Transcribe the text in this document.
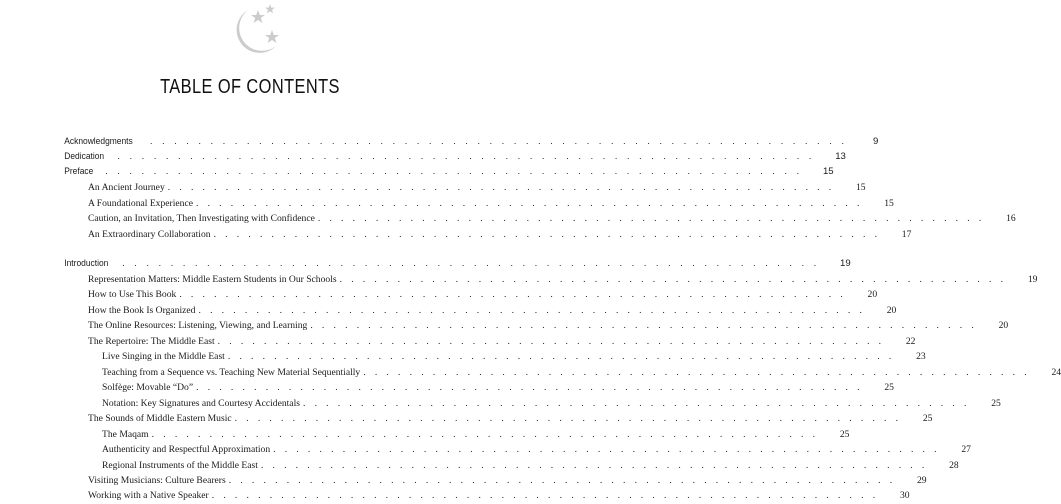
TABLE OF CONTENTS
Acknowledgments . . . . . . . . . . . . . . . . . . . . . . . . . . . . . . . . . . . . . . . . . . . . . . . . . . . . . . . . . .	9
Dedication . . . . . . . . . . . . . . . . . . . . . . . . . . . . . . . . . . . . . . . . . . . . . . . . . . . . . . . . . .	13
Preface . . . . . . . . . . . . . . . . . . . . . . . . . . . . . . . . . . . . . . . . . . . . . . . . . . . . . . . . . .	15
An Ancient Journey . . . . . . . . . . . . . . . . . . . . . . . . . . . . . . . . . . . . . . . . . . . . . . . . . . . . . . . . . .	15
A Foundational Experience . . . . . . . . . . . . . . . . . . . . . . . . . . . . . . . . . . . . . . . . . . . . . . . . . . . . . . . . . .	15
Caution, an Invitation, Then Investigating with Confidence . . . . . . . . . . . . . . . . . . . . . . . . . . . . . . . . . . . . . . . . . . . . . . . . . . . . . . . . . .	16
An Extraordinary Collaboration . . . . . . . . . . . . . . . . . . . . . . . . . . . . . . . . . . . . . . . . . . . . . . . . . . . . . . . . . .	17
Introduction . . . . . . . . . . . . . . . . . . . . . . . . . . . . . . . . . . . . . . . . . . . . . . . . . . . . . . . . . .	19
Representation Matters: Middle Eastern Students in Our Schools . . . . . . . . . . . . . . . . . . . . . . . . . . . . . . . . . . . . . . . . . . . . . . . . . . . . . . . . . .	19
How to Use This Book . . . . . . . . . . . . . . . . . . . . . . . . . . . . . . . . . . . . . . . . . . . . . . . . . . . . . . . . . .	20
How the Book Is Organized . . . . . . . . . . . . . . . . . . . . . . . . . . . . . . . . . . . . . . . . . . . . . . . . . . . . . . . . . .	20
The Online Resources: Listening, Viewing, and Learning . . . . . . . . . . . . . . . . . . . . . . . . . . . . . . . . . . . . . . . . . . . . . . . . . . . . . . . . . .	20
The Repertoire: The Middle East . . . . . . . . . . . . . . . . . . . . . . . . . . . . . . . . . . . . . . . . . . . . . . . . . . . . . . . . . .	22
Live Singing in the Middle East . . . . . . . . . . . . . . . . . . . . . . . . . . . . . . . . . . . . . . . . . . . . . . . . . . . . . . . . . .	23
Teaching from a Sequence vs. Teaching New Material Sequentially . . . . . . . . . . . . . . . . . . . . . . . . . . . . . . . . . . . . . . . . . . . . . . . . . . . . . . . . . .	24
Solfège: Movable “Do” . . . . . . . . . . . . . . . . . . . . . . . . . . . . . . . . . . . . . . . . . . . . . . . . . . . . . . . . . .	25
Notation: Key Signatures and Courtesy Accidentals . . . . . . . . . . . . . . . . . . . . . . . . . . . . . . . . . . . . . . . . . . . . . . . . . . . . . . . . . .	25
The Sounds of Middle Eastern Music . . . . . . . . . . . . . . . . . . . . . . . . . . . . . . . . . . . . . . . . . . . . . . . . . . . . . . . . . .	25
The Maqam . . . . . . . . . . . . . . . . . . . . . . . . . . . . . . . . . . . . . . . . . . . . . . . . . . . . . . . . . .	25
Authenticity and Respectful Approximation . . . . . . . . . . . . . . . . . . . . . . . . . . . . . . . . . . . . . . . . . . . . . . . . . . . . . . . . . .	27
Regional Instruments of the Middle East . . . . . . . . . . . . . . . . . . . . . . . . . . . . . . . . . . . . . . . . . . . . . . . . . . . . . . . . . .	28
Visiting Musicians: Culture Bearers . . . . . . . . . . . . . . . . . . . . . . . . . . . . . . . . . . . . . . . . . . . . . . . . . . . . . . . . . .	29
Working with a Native Speaker . . . . . . . . . . . . . . . . . . . . . . . . . . . . . . . . . . . . . . . . . . . . . . . . . . . . . . . . . .	30
